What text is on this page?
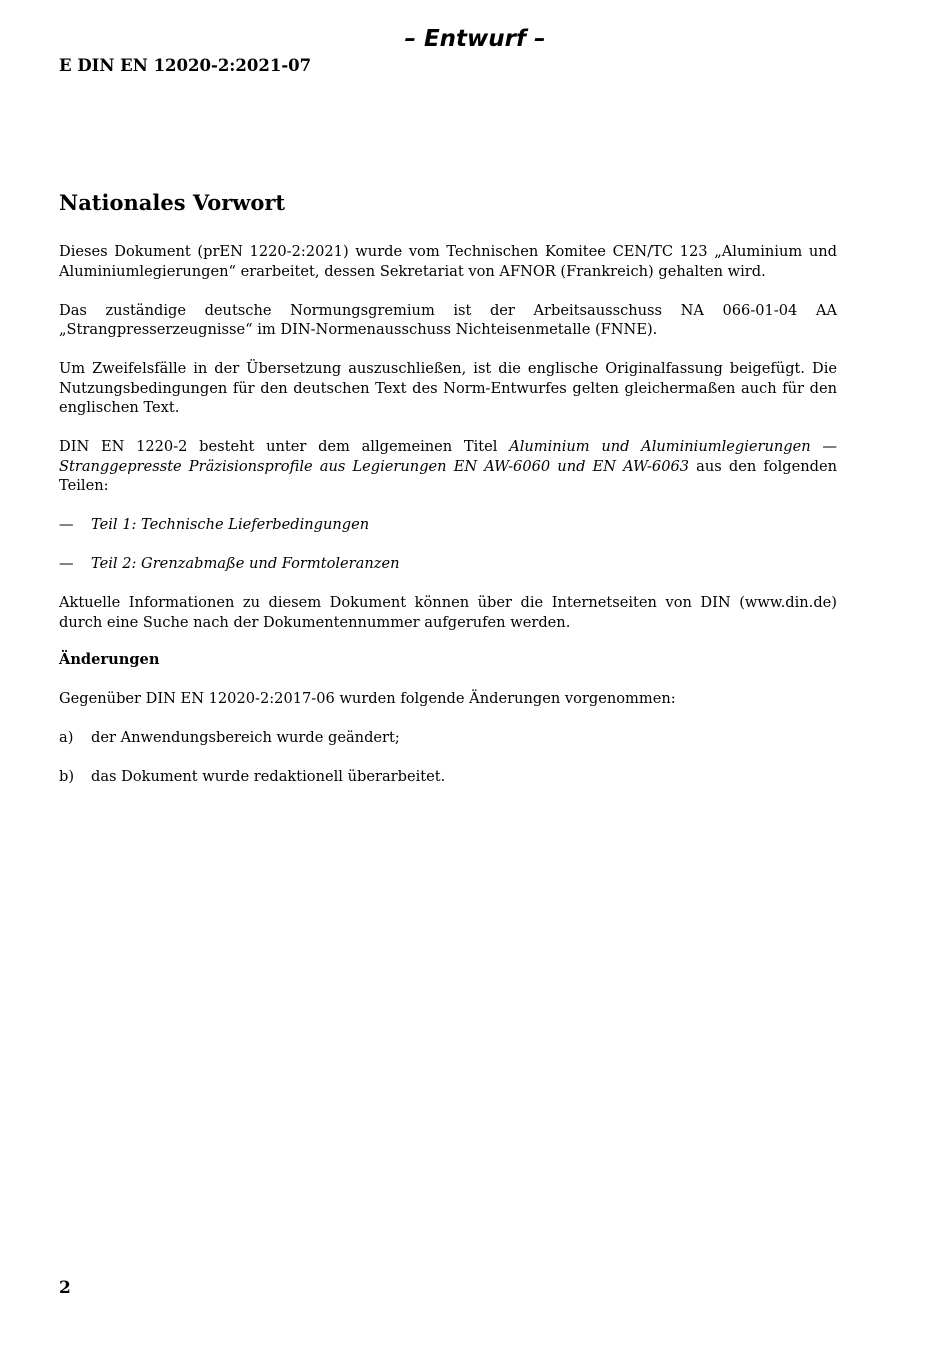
– Entwurf –
E DIN EN 12020-2:2021-07
Nationales Vorwort

Dieses Dokument (prEN 1220-2:2021) wurde vom Technischen Komitee CEN/TC 123 „Aluminium und Aluminiumlegierungen“ erarbeitet, dessen Sekretariat von AFNOR (Frankreich) gehalten wird.

Das zuständige deutsche Normungsgremium ist der Arbeitsausschuss NA 066-01-04 AA „Strangpresserzeugnisse“ im DIN-Normenausschuss Nichteisenmetalle (FNNE).

Um Zweifelsfälle in der Übersetzung auszuschließen, ist die englische Originalfassung beigefügt. Die Nutzungsbedingungen für den deutschen Text des Norm-Entwurfes gelten gleichermaßen auch für den englischen Text.

DIN EN 1220-2 besteht unter dem allgemeinen Titel Aluminium und Aluminiumlegierungen — Stranggepresste Präzisionsprofile aus Legierungen EN AW-6060 und EN AW-6063 aus den folgenden Teilen:

—	Teil 1: Technische Lieferbedingungen
—	Teil 2: Grenzabmaße und Formtoleranzen

Aktuelle Informationen zu diesem Dokument können über die Internetseiten von DIN (www.din.de) durch eine Suche nach der Dokumentennummer aufgerufen werden.

Änderungen

Gegenüber DIN EN 12020-2:2017-06 wurden folgende Änderungen vorgenommen:

a)	der Anwendungsbereich wurde geändert;
b)	das Dokument wurde redaktionell überarbeitet.
2
